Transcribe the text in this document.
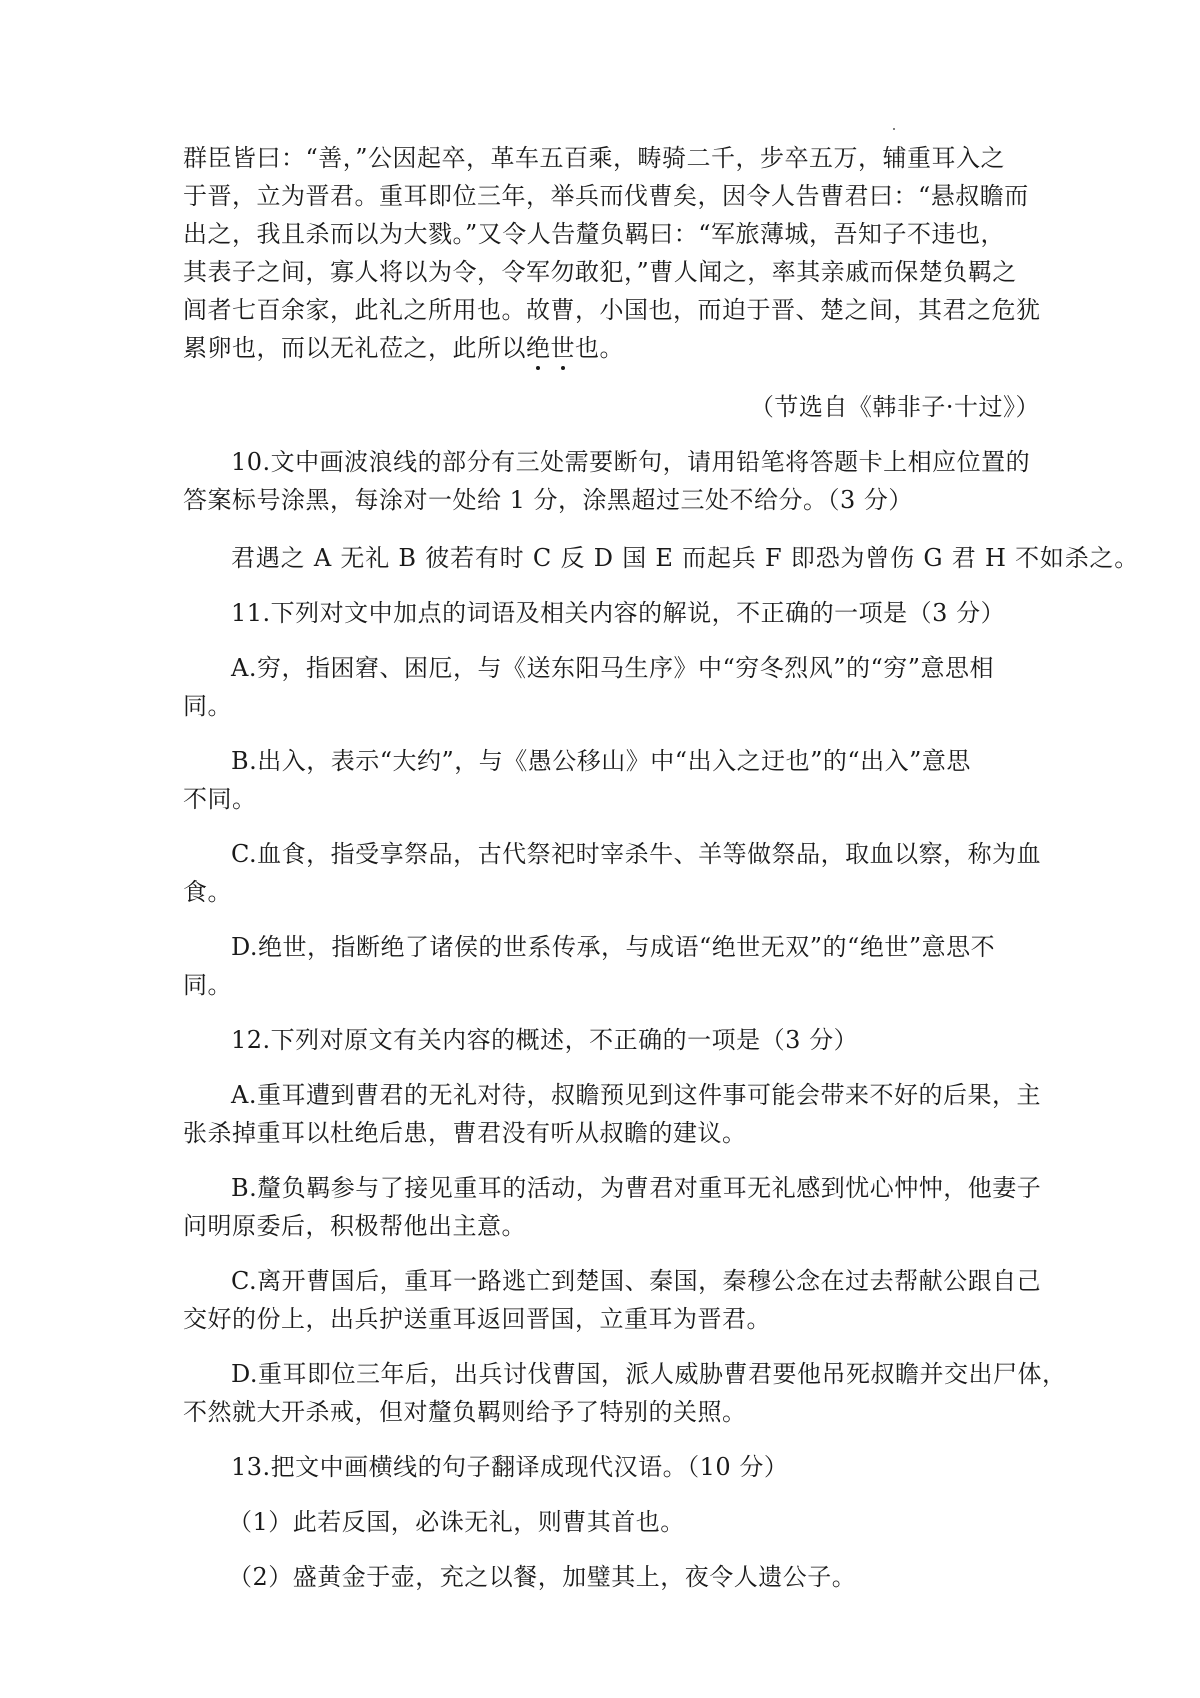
群臣皆曰：“善，”公因起卒，革车五百乘，畴骑二千，步卒五万，辅重耳入之
于晋，立为晋君。重耳即位三年，举兵而伐曹矣，因令人告曹君曰：“悬叔瞻而
出之，我且杀而以为大戮。”又令人告釐负羁曰：“军旅薄城，吾知子不违也，
其表子之间，寡人将以为令，令军勿敢犯，”曹人闻之，率其亲戚而保楚负羁之
闾者七百余家，此礼之所用也。故曹，小国也，而迫于晋、楚之间，其君之危犹
累卵也，而以无礼莅之，此所以绝世也。
（节选自《韩非子·十过》）
10.文中画波浪线的部分有三处需要断句，请用铅笔将答题卡上相应位置的
答案标号涂黑，每涂对一处给 1 分，涂黑超过三处不给分。（3 分）
君遇之 A 无礼 B 彼若有时 C 反 D 国 E 而起兵 F 即恐为曾伤 G 君 H 不如杀之。
11.下列对文中加点的词语及相关内容的解说，不正确的一项是（3 分）
A.穷，指困窘、困厄，与《送东阳马生序》中“穷冬烈风”的“穷”意思相
同。
B.出入，表示“大约”，与《愚公移山》中“出入之迂也”的“出入”意思
不同。
C.血食，指受享祭品，古代祭祀时宰杀牛、羊等做祭品，取血以察，称为血
食。
D.绝世，指断绝了诸侯的世系传承，与成语“绝世无双”的“绝世”意思不
同。
12.下列对原文有关内容的概述，不正确的一项是（3 分）
A.重耳遭到曹君的无礼对待，叔瞻预见到这件事可能会带来不好的后果，主
张杀掉重耳以杜绝后患，曹君没有听从叔瞻的建议。
B.釐负羁参与了接见重耳的活动，为曹君对重耳无礼感到忧心忡忡，他妻子
问明原委后，积极帮他出主意。
C.离开曹国后，重耳一路逃亡到楚国、秦国，秦穆公念在过去帮献公跟自己
交好的份上，出兵护送重耳返回晋国，立重耳为晋君。
D.重耳即位三年后，出兵讨伐曹国，派人威胁曹君要他吊死叔瞻并交出尸体，
不然就大开杀戒，但对釐负羁则给予了特别的关照。
13.把文中画横线的句子翻译成现代汉语。（10 分）
（1）此若反国，必诛无礼，则曹其首也。
（2）盛黄金于壶，充之以餐，加璧其上，夜令人遗公子。
